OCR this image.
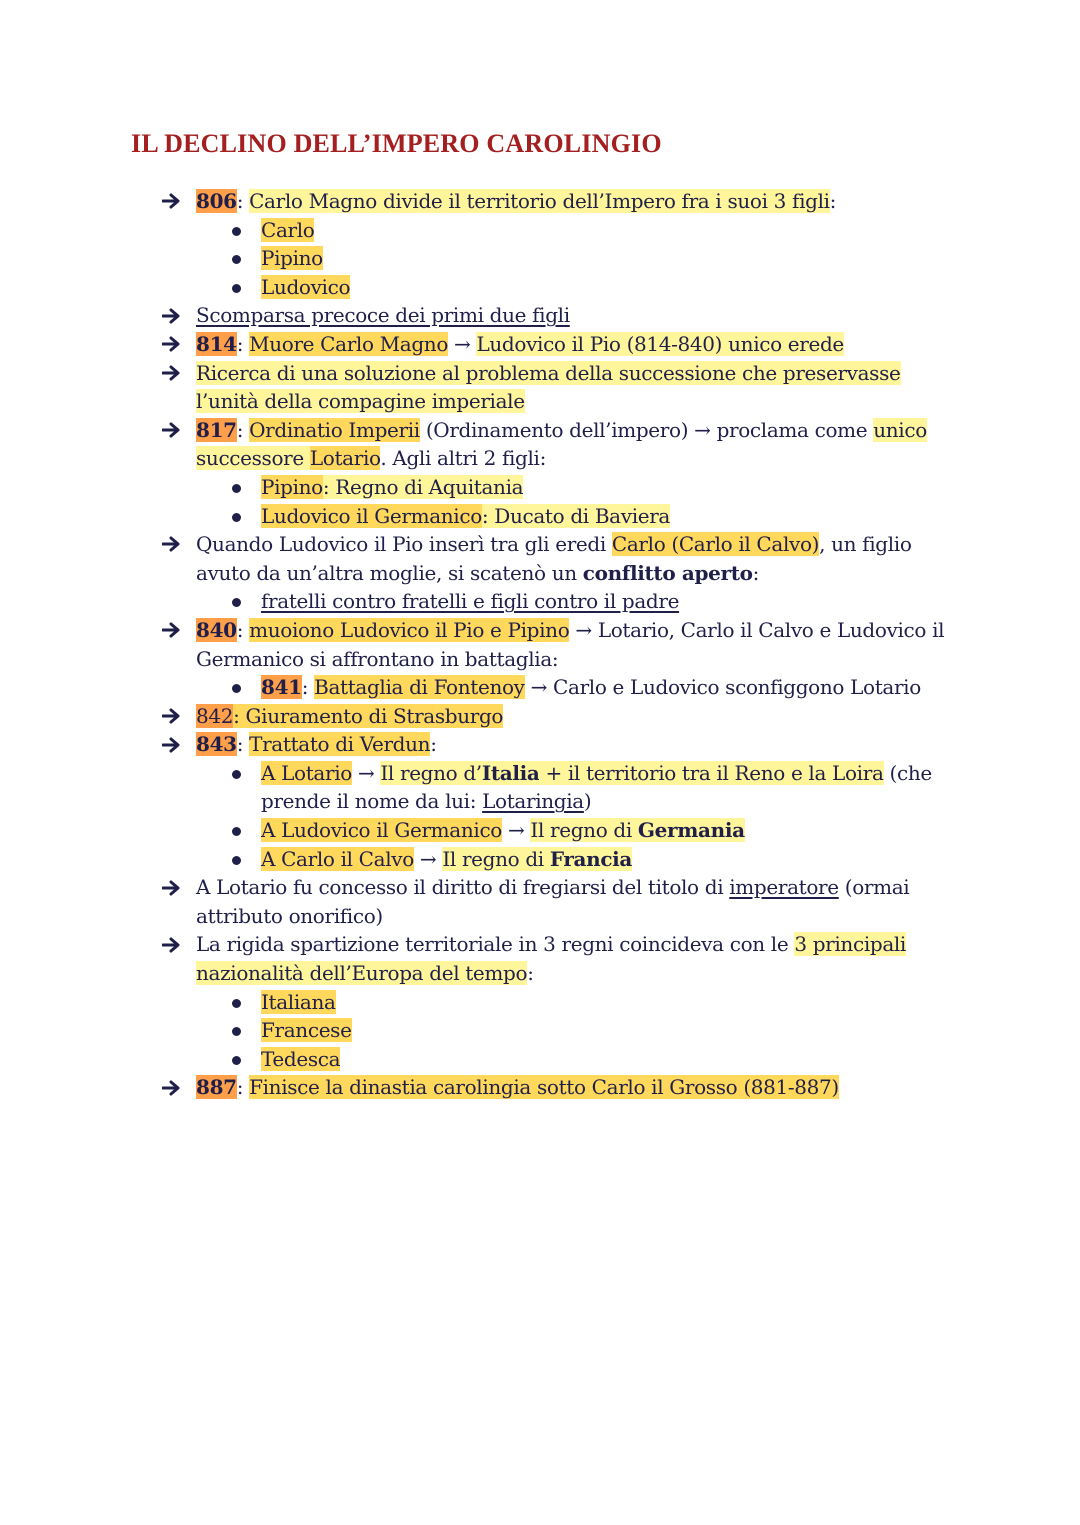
IL DECLINO DELL’IMPERO CAROLINGIO
806: Carlo Magno divide il territorio dell’Impero fra i suoi 3 figli:
Carlo
Pipino
Ludovico
Scomparsa precoce dei primi due figli
814: Muore Carlo Magno → Ludovico il Pio (814-840) unico erede
Ricerca di una soluzione al problema della successione che preservasse l’unità della compagine imperiale
817: Ordinatio Imperii (Ordinamento dell’impero) → proclama come unico successore Lotario. Agli altri 2 figli:
Pipino: Regno di Aquitania
Ludovico il Germanico: Ducato di Baviera
Quando Ludovico il Pio inserì tra gli eredi Carlo (Carlo il Calvo), un figlio avuto da un’altra moglie, si scatenò un conflitto aperto:
fratelli contro fratelli e figli contro il padre
840: muoiono Ludovico il Pio e Pipino → Lotario, Carlo il Calvo e Ludovico il Germanico si affrontano in battaglia:
841: Battaglia di Fontenoy → Carlo e Ludovico sconfiggono Lotario
842: Giuramento di Strasburgo
843: Trattato di Verdun:
A Lotario → Il regno d’Italia + il territorio tra il Reno e la Loira (che prende il nome da lui: Lotaringia)
A Ludovico il Germanico → Il regno di Germania
A Carlo il Calvo → Il regno di Francia
A Lotario fu concesso il diritto di fregiarsi del titolo di imperatore (ormai attributo onorifico)
La rigida spartizione territoriale in 3 regni coincideva con le 3 principali nazionalità dell’Europa del tempo:
Italiana
Francese
Tedesca
887: Finisce la dinastia carolingia sotto Carlo il Grosso (881-887)
